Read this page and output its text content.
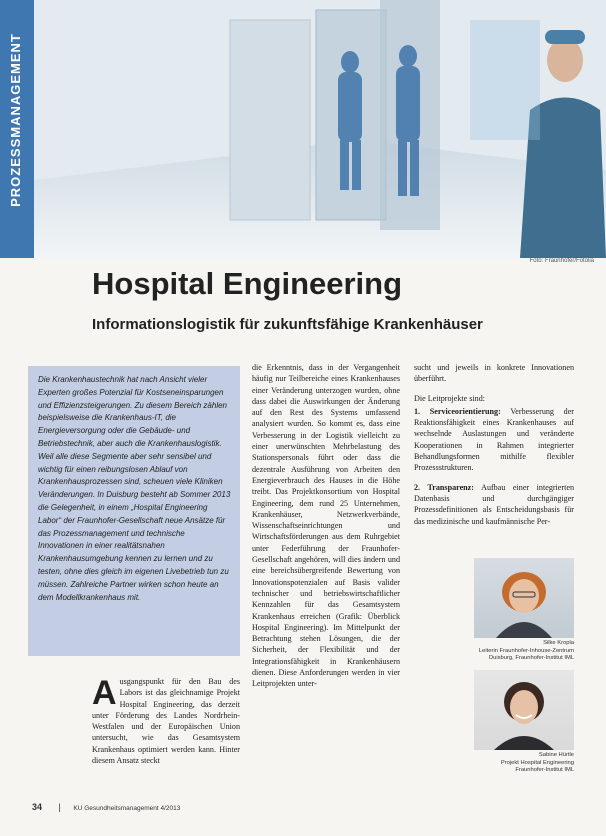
PROZESSMANAGEMENT
Foto: Fraunhofer/Fotolia
Hospital Engineering
Informationslogistik für zukunftsfähige Krankenhäuser
Die Krankenhaustechnik hat nach Ansicht vieler Experten großes Potenzial für Kostseneinsparungen und Effizienzsteigerungen. Zu diesem Bereich zählen beispielsweise die Krankenhaus-IT, die Energieversorgung oder die Gebäude- und Betriebstechnik, aber auch die Krankenhauslogistik. Weil alle diese Segmente aber sehr sensibel und wichtig für einen reibungslosen Ablauf von Krankenhausprozessen sind, scheuen viele Kliniken Veränderungen. In Duisburg besteht ab Sommer 2013 die Gelegenheit, in einem „Hospital Engineering Labor“ der Fraunhofer-Gesellschaft neue Ansätze für das Prozessmanagement und technische Innovationen in einer realitätsnahen Krankenhausumgebung kennen zu lernen und zu testen, ohne dies gleich im eigenen Livebetrieb tun zu müssen. Zahlreiche Partner wirken schon heute an dem Modellkrankenhaus mit.
A usgangspunkt für den Bau des Labors ist das gleichnamige Projekt Hospital Engineering, das derzeit unter Förderung des Landes Nordrhein-Westfalen und der Europäischen Union untersucht, wie das Gesamtsystem Krankenhaus optimiert werden kann. Hinter diesem Ansatz steckt
die Erkenntnis, dass in der Vergangenheit häufig nur Teilbereiche eines Krankenhauses einer Veränderung unterzogen wurden, ohne dass dabei die Auswirkungen der Änderung auf den Rest des Systems umfassend analysiert wurden. So kommt es, dass eine Verbesserung in der Logistik vielleicht zu einer unerwünschten Mehrbelastung des Stationspersonals führt oder dass die dezentrale Ausführung von Arbeiten den Energieverbrauch des Hauses in die Höhe treibt. Das Projektkonsortium von Hospital Engineering, dem rund 25 Unternehmen, Krankenhäuser, Netzwerkverbände, Wissenschaftseinrichtungen und Wirtschaftsförderungen aus dem Ruhrgebiet unter Federführung der Fraunhofer-Gesellschaft angehören, will dies ändern und eine bereichsübergreifende Bewertung von Innovationspotenzialen auf Basis valider technischer und betriebswirtschaftlicher Kennzahlen für das Gesamtsystem Krankenhaus erreichen (Grafik: Überblick Hospital Engineering). Im Mittelpunkt der Betrachtung stehen Lösungen, die der Sicherheit, der Flexibilität und der Integrationsfähigkeit in Krankenhäusern dienen. Diese Anforderungen werden in vier Leitprojekten unter-

sucht und jeweils in konkrete Innovationen überführt.

Die Leitprojekte sind:

1. Serviceorientierung: Verbesserung der Reaktionsfähigkeit eines Krankenhauses auf wechselnde Auslastungen und veränderte Kooperationen in Rahmen integrierter Behandlungsformen mithilfe flexibler Prozessstrukturen.

2. Transparenz: Aufbau einer integrierten Datenbasis und durchgängiger Prozessdefinitionen als Entscheidungsbasis für das medizinische und kaufmännische Per-

Silke Kropla
Leiterin Fraunhofer-Inhouse-Zentrum
Duisburg, Fraunhofer-Institut IML
Sabine Hürtle
Projekt Hospital Engineering
Fraunhofer-Institut IML
34 | KU Gesundheitsmanagement 4/2013
